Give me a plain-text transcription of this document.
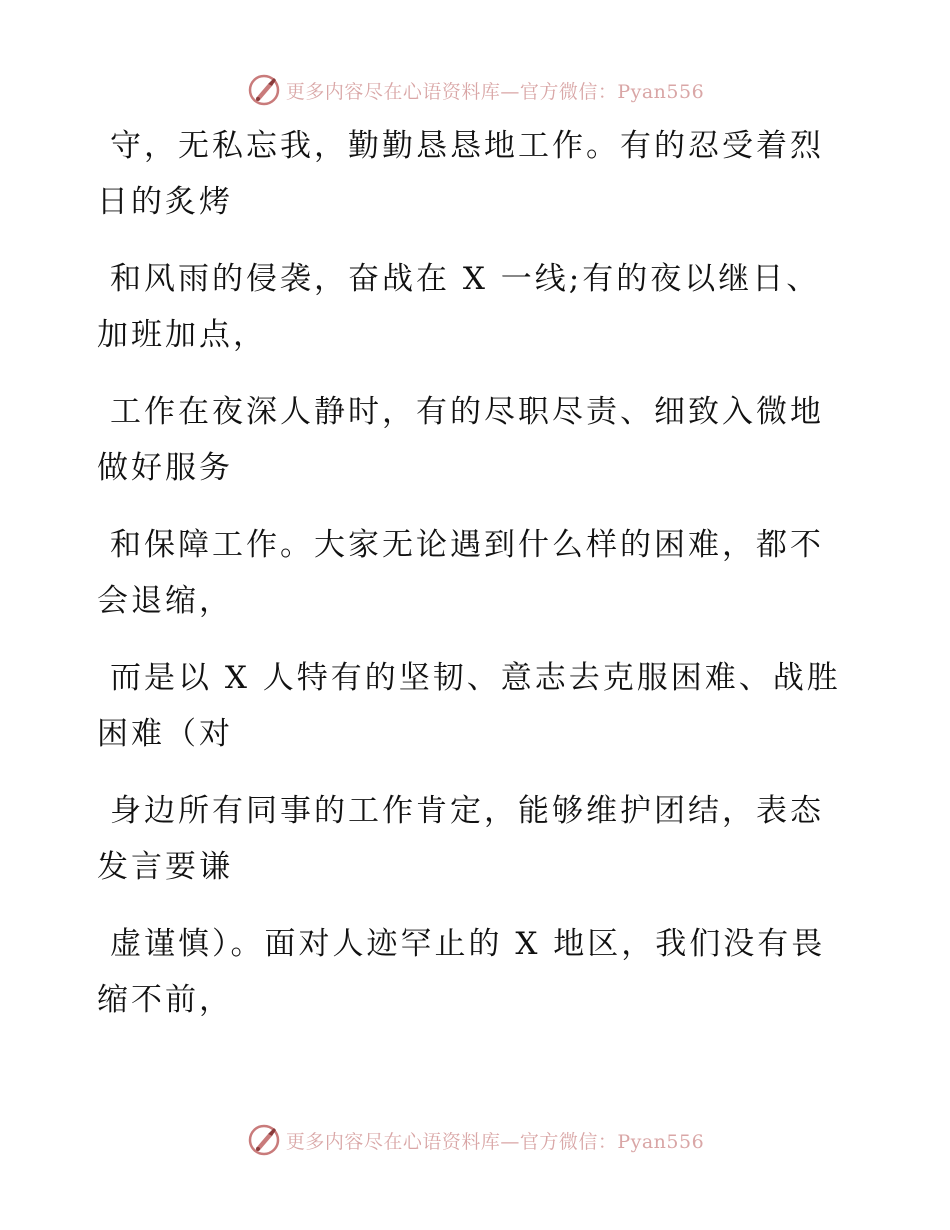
更多内容尽在心语资料库—官方微信：Pyan556

守，无私忘我，勤勤恳恳地工作。有的忍受着烈
日的炙烤

和风雨的侵袭，奋战在 X 一线;有的夜以继日、
加班加点，

工作在夜深人静时，有的尽职尽责、细致入微地
做好服务

和保障工作。大家无论遇到什么样的困难，都不
会退缩，

而是以 X 人特有的坚韧、意志去克服困难、战胜
困难（对

身边所有同事的工作肯定，能够维护团结，表态
发言要谦

虚谨慎）。面对人迹罕止的 X 地区，我们没有畏
缩不前，

更多内容尽在心语资料库—官方微信：Pyan556
